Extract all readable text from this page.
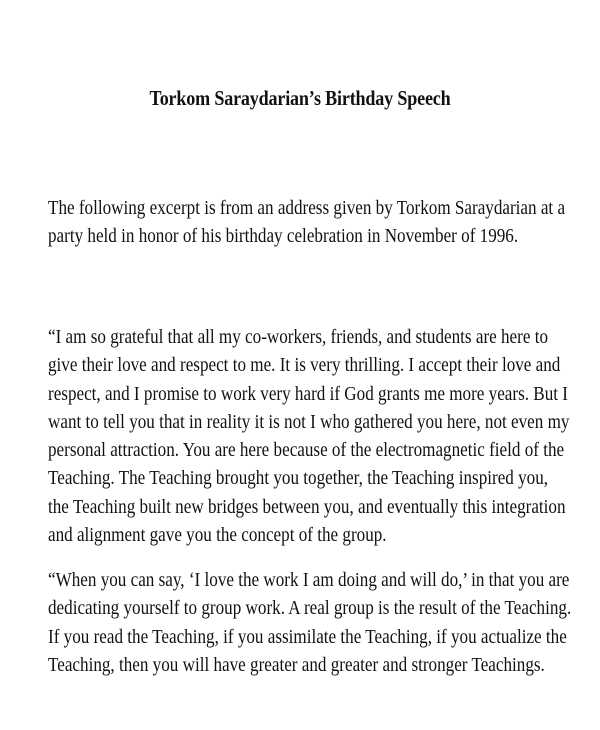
Torkom Saraydarian’s Birthday Speech
The following excerpt is from an address given by Torkom Saraydarian at a
party held in honor of his birthday celebration in November of 1996.
“I am so grateful that all my co-workers, friends, and students are here to
give their love and respect to me. It is very thrilling. I accept their love and
respect, and I promise to work very hard if God grants me more years. But I
want to tell you that in reality it is not I who gathered you here, not even my
personal attraction. You are here because of the electromagnetic field of the
Teaching. The Teaching brought you together, the Teaching inspired you,
the Teaching built new bridges between you, and eventually this integration
and alignment gave you the concept of the group.
“When you can say, ‘I love the work I am doing and will do,’ in that you are
dedicating yourself to group work. A real group is the result of the Teaching.
If you read the Teaching, if you assimilate the Teaching, if you actualize the
Teaching, then you will have greater and greater and stronger Teachings.
